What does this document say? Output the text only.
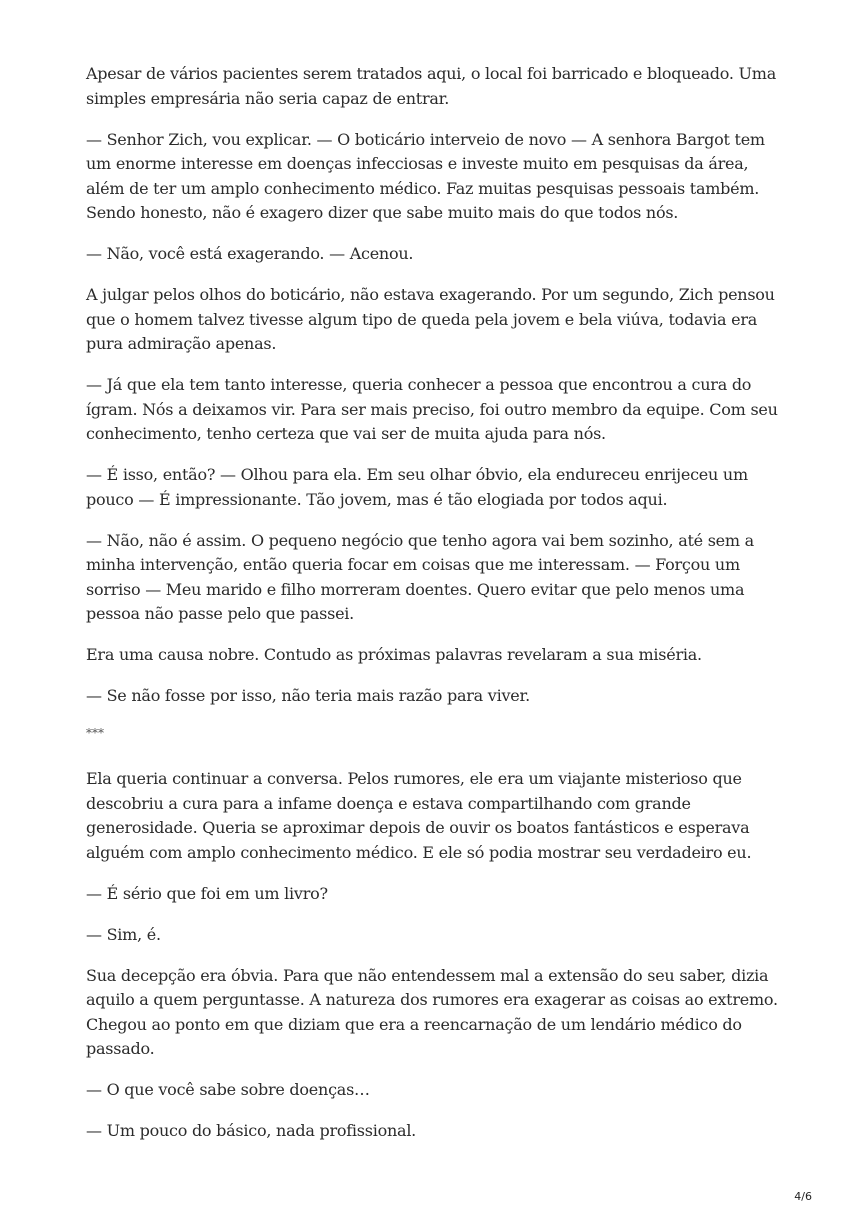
Apesar de vários pacientes serem tratados aqui, o local foi barricado e bloqueado. Uma simples empresária não seria capaz de entrar.

— Senhor Zich, vou explicar. — O boticário interveio de novo — A senhora Bargot tem um enorme interesse em doenças infecciosas e investe muito em pesquisas da área, além de ter um amplo conhecimento médico. Faz muitas pesquisas pessoais também. Sendo honesto, não é exagero dizer que sabe muito mais do que todos nós.

— Não, você está exagerando. — Acenou.

A julgar pelos olhos do boticário, não estava exagerando. Por um segundo, Zich pensou que o homem talvez tivesse algum tipo de queda pela jovem e bela viúva, todavia era pura admiração apenas.

— Já que ela tem tanto interesse, queria conhecer a pessoa que encontrou a cura do ígram. Nós a deixamos vir. Para ser mais preciso, foi outro membro da equipe. Com seu conhecimento, tenho certeza que vai ser de muita ajuda para nós.

— É isso, então? — Olhou para ela. Em seu olhar óbvio, ela endureceu enrijeceu um pouco — É impressionante. Tão jovem, mas é tão elogiada por todos aqui.

— Não, não é assim. O pequeno negócio que tenho agora vai bem sozinho, até sem a minha intervenção, então queria focar em coisas que me interessam. — Forçou um sorriso — Meu marido e filho morreram doentes. Quero evitar que pelo menos uma pessoa não passe pelo que passei.

Era uma causa nobre. Contudo as próximas palavras revelaram a sua miséria.

— Se não fosse por isso, não teria mais razão para viver.

***

Ela queria continuar a conversa. Pelos rumores, ele era um viajante misterioso que descobriu a cura para a infame doença e estava compartilhando com grande generosidade. Queria se aproximar depois de ouvir os boatos fantásticos e esperava alguém com amplo conhecimento médico. E ele só podia mostrar seu verdadeiro eu.

— É sério que foi em um livro?

— Sim, é.

Sua decepção era óbvia. Para que não entendessem mal a extensão do seu saber, dizia aquilo a quem perguntasse. A natureza dos rumores era exagerar as coisas ao extremo. Chegou ao ponto em que diziam que era a reencarnação de um lendário médico do passado.

— O que você sabe sobre doenças…

— Um pouco do básico, nada profissional.

4/6
